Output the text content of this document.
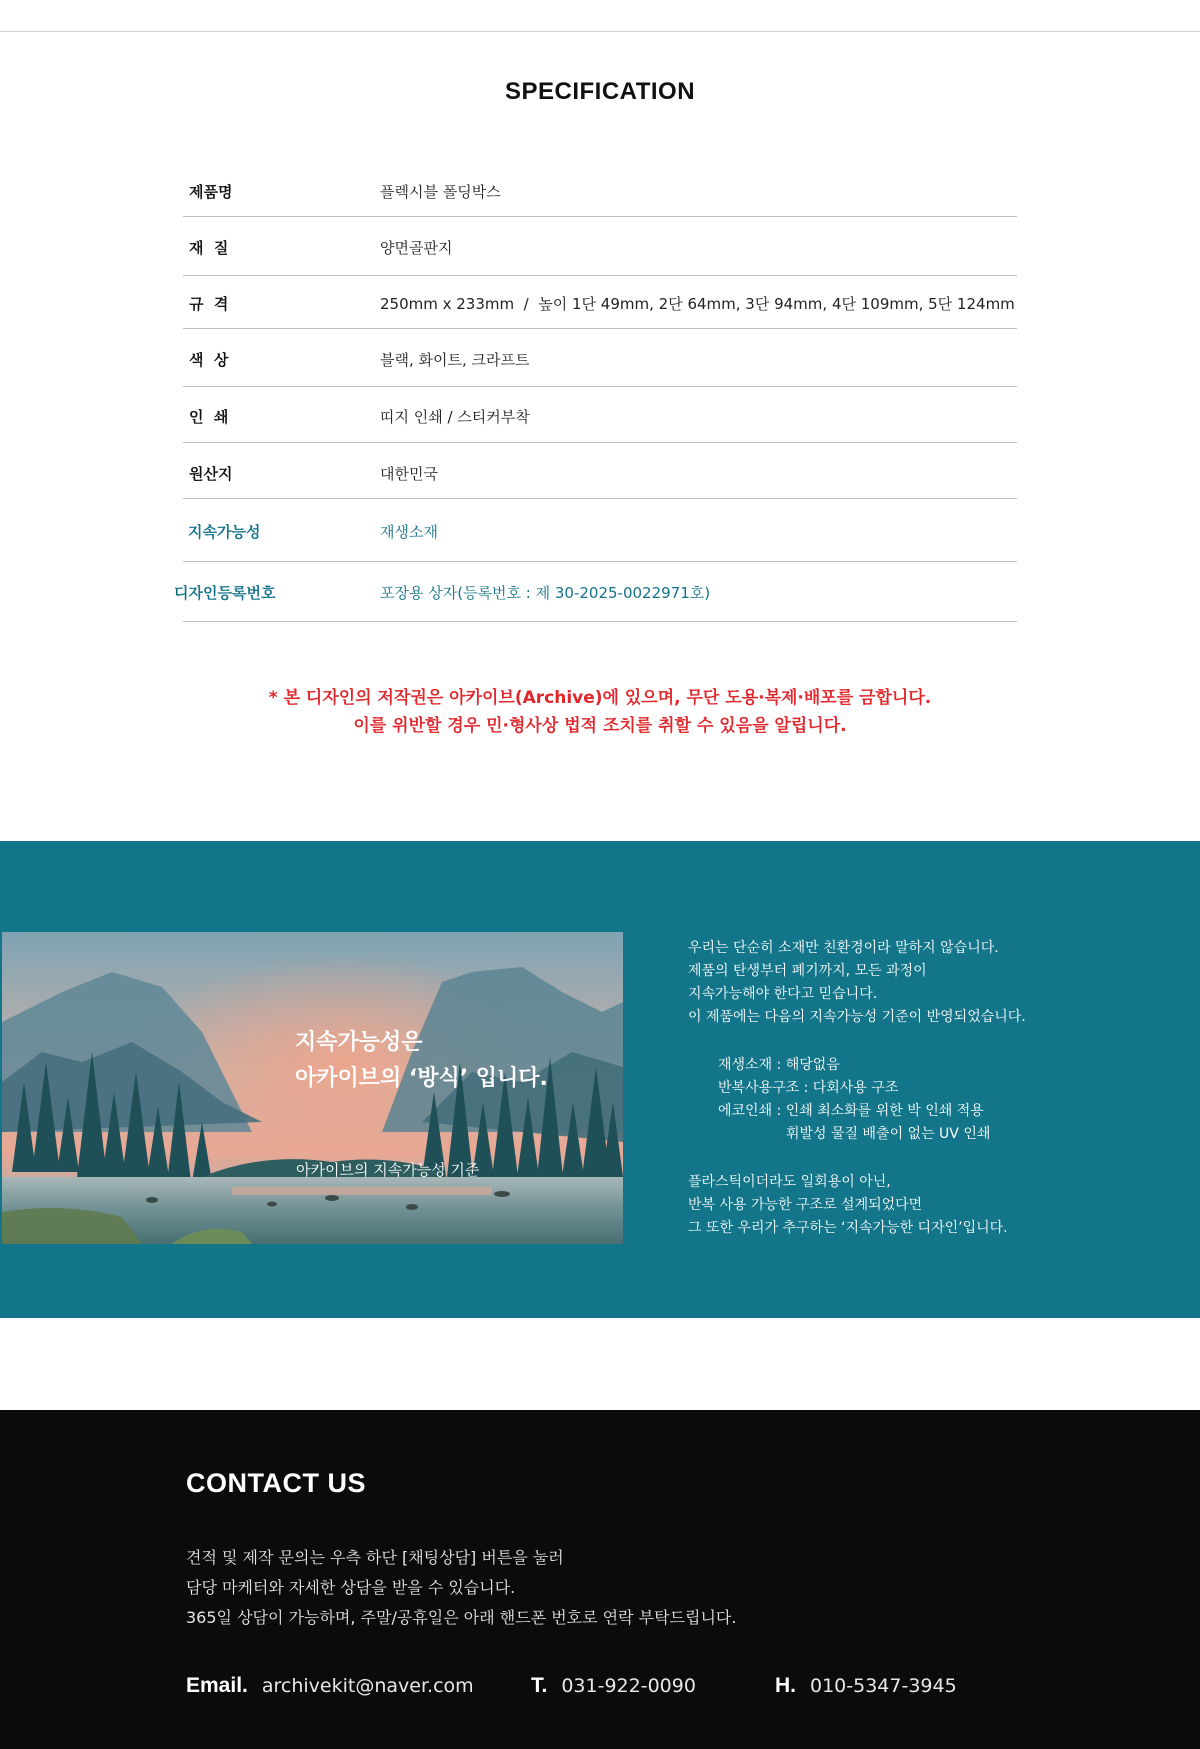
SPECIFICATION
제품명	플렉시블 폴딩박스
재  질	양면골판지
규  격	250mm x 233mm  /  높이 1단 49mm, 2단 64mm, 3단 94mm, 4단 109mm, 5단 124mm
색  상	블랙, 화이트, 크라프트
인  쇄	띠지 인쇄 / 스티커부착
원산지	대한민국
지속가능성	재생소재
디자인등록번호	포장용 상자(등록번호 : 제 30-2025-0022971호)
* 본 디자인의 저작권은 아카이브(Archive)에 있으며, 무단 도용·복제·배포를 금합니다.
이를 위반할 경우 민·형사상 법적 조치를 취할 수 있음을 알립니다.
지속가능성은
아카이브의 ‘방식’ 입니다.
아카이브의 지속가능성 기준
우리는 단순히 소재만 친환경이라 말하지 않습니다.
제품의 탄생부터 폐기까지, 모든 과정이
지속가능해야 한다고 믿습니다.
이 제품에는 다음의 지속가능성 기준이 반영되었습니다.
재생소재 : 해당없음
반복사용구조 : 다회사용 구조
에코인쇄 : 인쇄 최소화를 위한 박 인쇄 적용
휘발성 물질 배출이 없는 UV 인쇄
플라스틱이더라도 일회용이 아닌,
반복 사용 가능한 구조로 설계되었다면
그 또한 우리가 추구하는 ‘지속가능한 디자인’입니다.
CONTACT US
견적 및 제작 문의는 우측 하단 [채팅상담] 버튼을 눌러
담당 마케터와 자세한 상담을 받을 수 있습니다.
365일 상담이 가능하며, 주말/공휴일은 아래 핸드폰 번호로 연락 부탁드립니다.
Email. archivekit@naver.com	T. 031-922-0090	H. 010-5347-3945
